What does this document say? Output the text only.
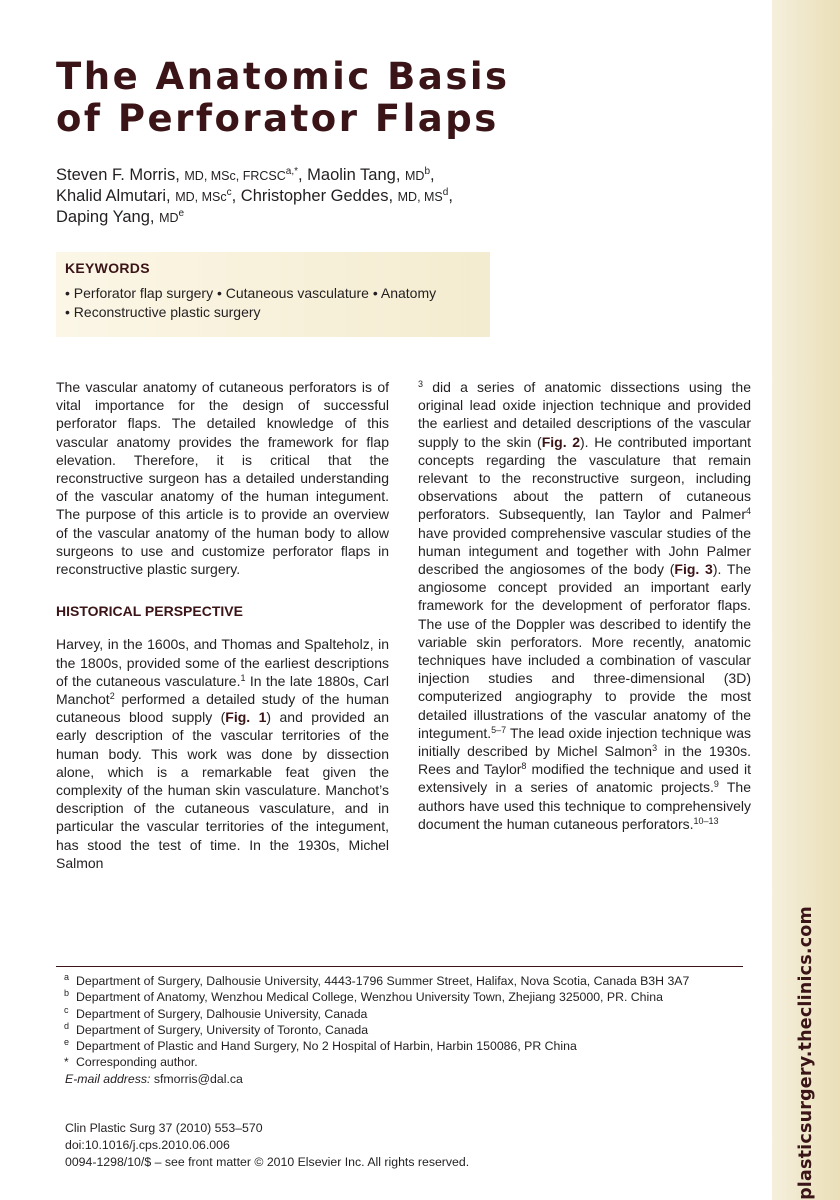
The Anatomic Basis
of Perforator Flaps
Steven F. Morris, MD, MSc, $FRCSC^{a,*}$, Maolin Tang, $MD^b$,
Khalid Almutari, MD, MSc$^c$, Christopher Geddes, MD, $MS^d$,
Daping Yang, MDe
KEYWORDS
• Perforator flap surgery • Cutaneous vasculature • Anatomy
• Reconstructive plastic surgery

The vascular anatomy of cutaneous perforators is of vital importance for the design of successful perforator flaps. The detailed knowledge of this vascular anatomy provides the framework for flap elevation. Therefore, it is critical that the reconstructive surgeon has a detailed understanding of the vascular anatomy of the human integument. The purpose of this article is to provide an overview of the vascular anatomy of the human body to allow surgeons to use and customize perforator flaps in reconstructive plastic surgery.

HISTORICAL PERSPECTIVE

Harvey, in the 1600s, and Thomas and Spalteholz, in the 1800s, provided some of the earliest descriptions of the cutaneous vasculature.$^1$ In the late 1880s, Carl Manchot$^2$ performed a detailed study of the human cutaneous blood supply (Fig. 1) and provided an early description of the vascular territories of the human body. This work was done by dissection alone, which is a remarkable feat given the complexity of the human skin vasculature. Manchot’s description of the cutaneous vasculature, and in particular the vascular territories of the integument, has stood the test of time. In the 1930s, Michel Salmon

$^3$ did a series of anatomic dissections using the original lead oxide injection technique and provided the earliest and detailed descriptions of the vascular supply to the skin (Fig. 2). He contributed important concepts regarding the vasculature that remain relevant to the reconstructive surgeon, including observations about the pattern of cutaneous perforators. Subsequently, Ian Taylor and Palmer$^4$ have provided comprehensive vascular studies of the human integument and together with John Palmer described the angiosomes of the body (Fig. 3). The angiosome concept provided an important early framework for the development of perforator flaps. The use of the Doppler was described to identify the variable skin perforators. More recently, anatomic techniques have included a combination of vascular injection studies and three-dimensional (3D) computerized angiography to provide the most detailed illustrations of the vascular anatomy of the integument.$^{5-7}$ The lead oxide injection technique was initially described by Michel Salmon$^3$ in the 1930s. Rees and Taylor$^8$ modified the technique and used it extensively in a series of anatomic projects.$^9$ The authors have used this technique to comprehensively document the human cutaneous perforators.$^{10-13}$

a Department of Surgery, Dalhousie University, 4443-1796 Summer Street, Halifax, Nova Scotia, Canada B3H 3A7
b Department of Anatomy, Wenzhou Medical College, Wenzhou University Town, Zhejiang 325000, PR. China
c Department of Surgery, Dalhousie University, Canada
d Department of Surgery, University of Toronto, Canada
e Department of Plastic and Hand Surgery, No 2 Hospital of Harbin, Harbin 150086, PR China
* Corresponding author.
E-mail address: sfmorris@dal.ca
Clin Plastic Surg 37 (2010) 553–570
doi:10.1016/j.cps.2010.06.006
0094-1298/10/$ – see front matter © 2010 Elsevier Inc. All rights reserved.	plasticsurgery.theclinics.com
